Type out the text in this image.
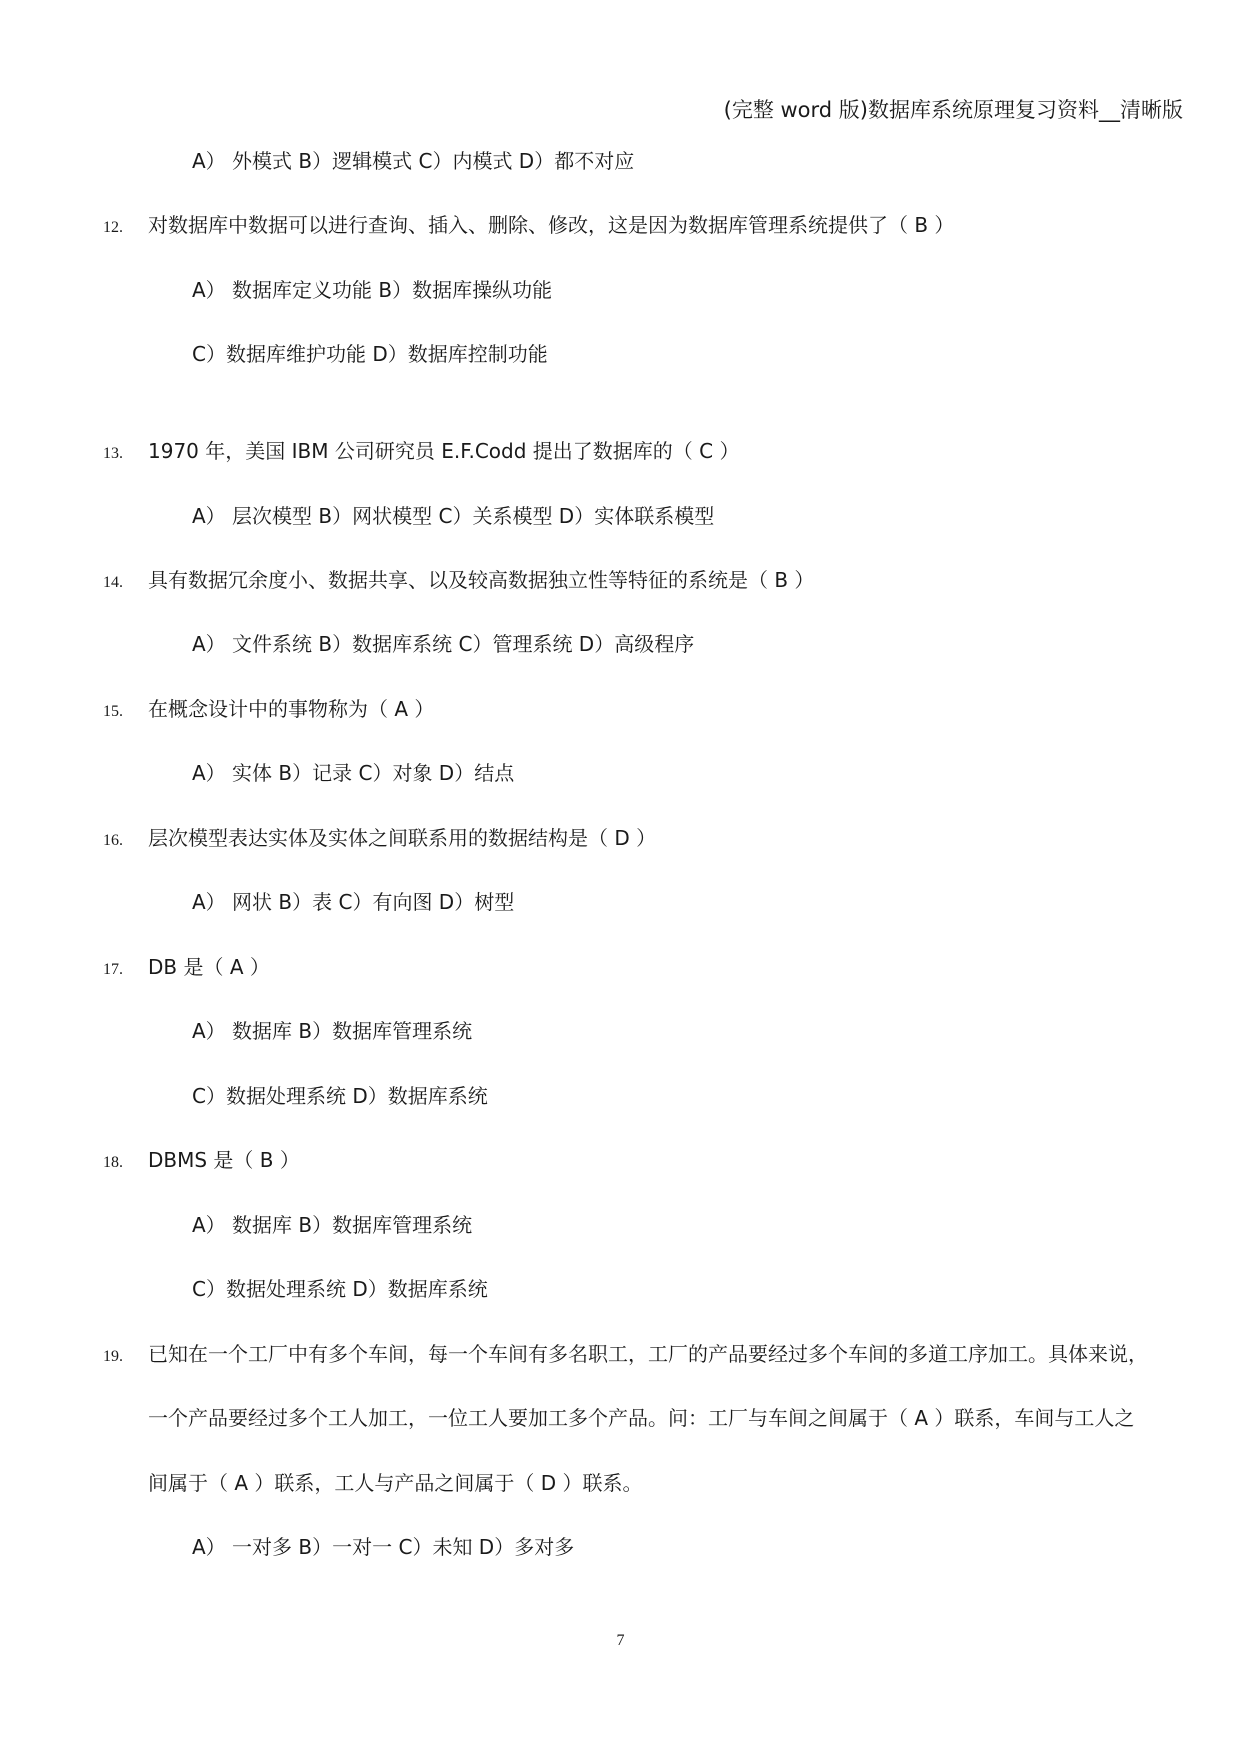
(完整 word 版)数据库系统原理复习资料__清晰版
A） 外模式 B）逻辑模式 C）内模式 D）都不对应
12. 对数据库中数据可以进行查询、插入、删除、修改，这是因为数据库管理系统提供了（ B ）
A） 数据库定义功能 B）数据库操纵功能
C）数据库维护功能 D）数据库控制功能
13. 1970 年，美国 IBM 公司研究员 E.F.Codd 提出了数据库的（ C ）
A） 层次模型 B）网状模型 C）关系模型 D）实体联系模型
14. 具有数据冗余度小、数据共享、以及较高数据独立性等特征的系统是（ B ）
A） 文件系统 B）数据库系统 C）管理系统 D）高级程序
15. 在概念设计中的事物称为（ A ）
A） 实体 B）记录 C）对象 D）结点
16. 层次模型表达实体及实体之间联系用的数据结构是（ D ）
A） 网状 B）表 C）有向图 D）树型
17. DB 是（ A ）
A） 数据库 B）数据库管理系统
C）数据处理系统 D）数据库系统
18. DBMS 是（ B ）
A） 数据库 B）数据库管理系统
C）数据处理系统 D）数据库系统
19. 已知在一个工厂中有多个车间，每一个车间有多名职工，工厂的产品要经过多个车间的多道工序加工。具体来说，
一个产品要经过多个工人加工，一位工人要加工多个产品。问：工厂与车间之间属于（ A ）联系，车间与工人之
间属于（ A ）联系，工人与产品之间属于（ D ）联系。
A） 一对多 B）一对一 C）未知 D）多对多
7
